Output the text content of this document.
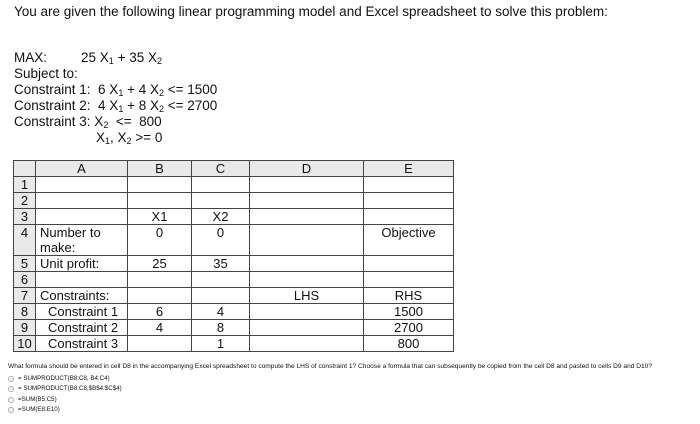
You are given the following linear programming model and Excel spreadsheet to solve this problem:
MAX:	25 $X_1 + 35$ $X_2$
Subject to:
Constraint 1:  6 $X_1 + 4$ $X_2 <= 1500$
Constraint 2:  4 $X_1 + 8$ $X_2 <= 2700$
Constraint 3: $X_2 <= 800$
$X_1$, $X_2 >= 0$
	A	B	C	D	E
1					
2					
3		X1	X2		
4	Number to make:	0	0		Objective
5	Unit profit:	25	35		
6					
7	Constraints:			LHS	RHS
8	Constraint 1	6	4		1500
9	Constraint 2	4	8		2700
10	Constraint 3		1		800
What formula should be entered in cell D8 in the accompanying Excel spreadsheet to compute the LHS of constraint 1? Choose a formula that can subsequently be copied from the cell D8 and pasted to cells D9 and D10?
= SUMPRODUCT(B8:C8, B4:C4)
= SUMPRODUCT(B8:C8,$B$4:$C$4)
=SUM(B5:C5)
=SUM(E8:E10)
